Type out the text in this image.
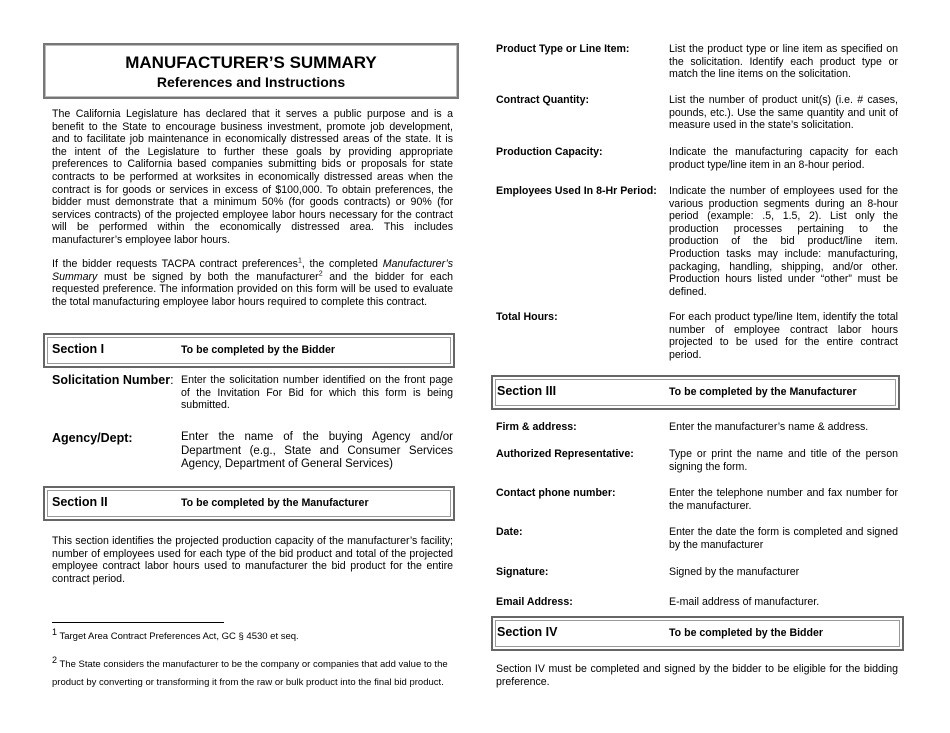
MANUFACTURER’S SUMMARY
References and Instructions

The California Legislature has declared that it serves a public purpose and is a benefit to the State to encourage business investment, promote job development, and to facilitate job maintenance in economically distressed areas of the state. It is the intent of the Legislature to further these goals by providing appropriate preferences to California based companies submitting bids or proposals for state contracts to be performed at worksites in economically distressed areas when the contract is for goods or services in excess of $100,000. To obtain preferences, the bidder must demonstrate that a minimum 50% (for goods contracts) or 90% (for services contracts) of the projected employee labor hours necessary for the contract will be performed within the economically distressed area. This includes manufacturer’s employee labor hours.

If the bidder requests TACPA contract preferences$^1$, the completed Manufacturer’s Summary must be signed by both the manufacturer$^2$ and the bidder for each requested preference. The information provided on this form will be used to evaluate the total manufacturing employee labor hours required to complete this contract.

Section I	To be completed by the Bidder
Solicitation Number: Enter the solicitation number identified on the front page of the Invitation For Bid for which this form is being submitted.
Agency/Dept:	Enter the name of the buying Agency and/or Department (e.g., State and Consumer Services Agency, Department of General Services)
Section II	To be completed by the Manufacturer

This section identifies the projected production capacity of the manufacturer’s facility; number of employees used for each type of the bid product and total of the projected employee contract labor hours used to manufacturer the bid product for the entire contract period.

$^1$ Target Area Contract Preferences Act, GC § 4530 et seq.
$^2$ The State considers the manufacturer to be the company or companies that add value to the product by converting or transforming it from the raw or bulk product into the final bid product.
Product Type or Line Item:	List the product type or line item as specified on the solicitation. Identify each product type or match the line items on the solicitation.
Contract Quantity:	List the number of product unit(s) (i.e. # cases, pounds, etc.). Use the same quantity and unit of measure used in the state’s solicitation.
Production Capacity:	Indicate the manufacturing capacity for each product type/line item in an 8-hour period.
Employees Used In 8-Hr Period: Indicate the number of employees used for the various production segments during an 8-hour period (example: .5, 1.5, 2). List only the production processes pertaining to the production of the bid product/line item. Production tasks may include: manufacturing, packaging, handling, shipping, and/or other. Production hours listed under “other” must be defined.
Total Hours:	For each product type/line Item, identify the total number of employee contract labor hours projected to be used for the entire contract period.
Section III	To be completed by the Manufacturer
Firm & address:	Enter the manufacturer’s name & address.
Authorized Representative:	Type or print the name and title of the person signing the form.
Contact phone number:	Enter the telephone number and fax number for the manufacturer.
Date:	Enter the date the form is completed and signed by the manufacturer
Signature:	Signed by the manufacturer
Email Address:	E-mail address of manufacturer.
Section IV	To be completed by the Bidder

Section IV must be completed and signed by the bidder to be eligible for the bidding preference.
